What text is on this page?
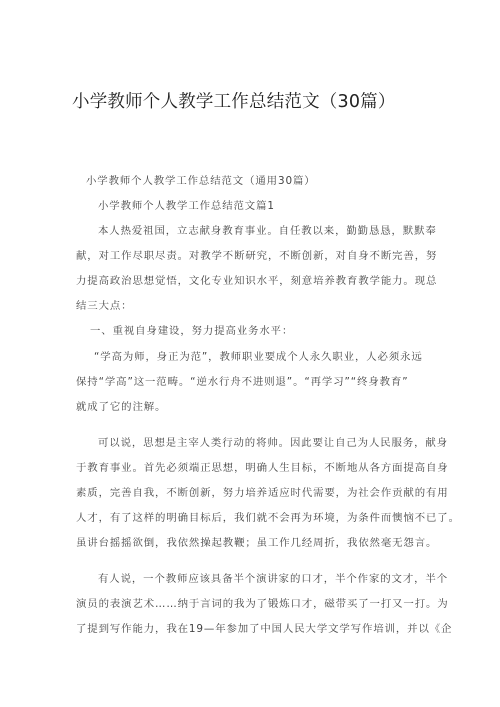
小学教师个人教学工作总结范文（30篇）
小学教师个人教学工作总结范文（通用30篇）
小学教师个人教学工作总结范文篇1
本人热爱祖国，立志献身教育事业。自任教以来，勤勤恳恳，默默奉
献，对工作尽职尽责。对教学不断研究，不断创新，对自身不断完善，努
力提高政治思想觉悟，文化专业知识水平，刻意培养教育教学能力。现总
结三大点：
一、重视自身建设，努力提高业务水平：
“学高为师，身正为范”，教师职业要成个人永久职业，人必须永远
保持“学高”这一范畴。“逆水行舟不进则退”。“再学习”“终身教育”
就成了它的注解。
可以说，思想是主宰人类行动的将帅。因此要让自己为人民服务，献身
于教育事业。首先必须端正思想，明确人生目标，不断地从各方面提高自身
素质，完善自我，不断创新，努力培养适应时代需要，为社会作贡献的有用
人才，有了这样的明确目标后，我们就不会再为环境，为条件而懊恼不已了。
虽讲台摇摇欲倒，我依然操起教鞭；虽工作几经周折，我依然毫无怨言。
有人说，一个教师应该具备半个演讲家的口才，半个作家的文才，半个
演员的表演艺术……纳于言词的我为了锻炼口才，磁带买了一打又一打。为
了提到写作能力，我在19—年参加了中国人民大学文学写作培训，并以《企
